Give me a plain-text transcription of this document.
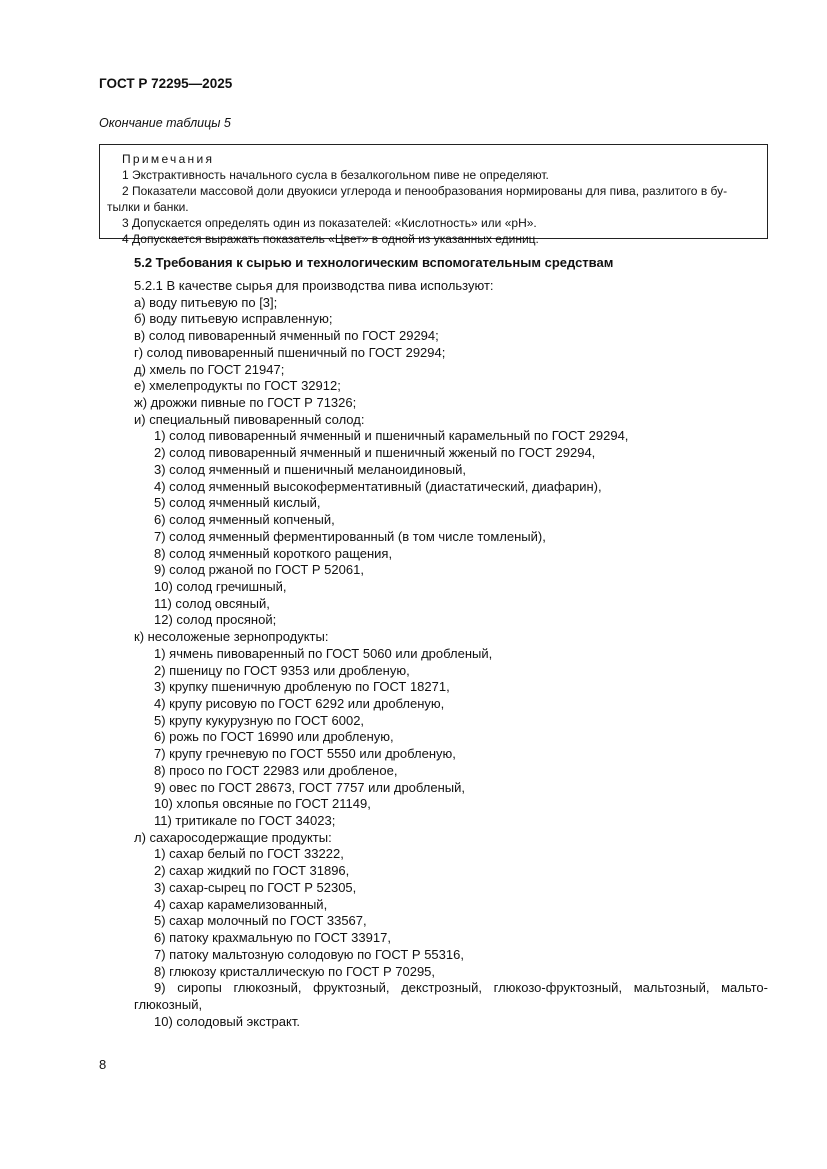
ГОСТ Р 72295—2025
Окончание таблицы 5
Примечания
1 Экстрактивность начального сусла в безалкогольном пиве не определяют.
2 Показатели массовой доли двуокиси углерода и пенообразования нормированы для пива, разлитого в бу-
тылки и банки.
3 Допускается определять один из показателей: «Кислотность» или «pH».
4 Допускается выражать показатель «Цвет» в одной из указанных единиц.
5.2 Требования к сырью и технологическим вспомогательным средствам
5.2.1 В качестве сырья для производства пива используют:
а) воду питьевую по [3];
б) воду питьевую исправленную;
в) солод пивоваренный ячменный по ГОСТ 29294;
г) солод пивоваренный пшеничный по ГОСТ 29294;
д) хмель по ГОСТ 21947;
е) хмелепродукты по ГОСТ 32912;
ж) дрожжи пивные по ГОСТ Р 71326;
и) специальный пивоваренный солод:
1) солод пивоваренный ячменный и пшеничный карамельный по ГОСТ 29294,
2) солод пивоваренный ячменный и пшеничный жженый по ГОСТ 29294,
3) солод ячменный и пшеничный меланоидиновый,
4) солод ячменный высокоферментативный (диастатический, диафарин),
5) солод ячменный кислый,
6) солод ячменный копченый,
7) солод ячменный ферментированный (в том числе томленый),
8) солод ячменный короткого ращения,
9) солод ржаной по ГОСТ Р 52061,
10) солод гречишный,
11) солод овсяный,
12) солод просяной;
к) несоложеные зернопродукты:
1) ячмень пивоваренный по ГОСТ 5060 или дробленый,
2) пшеницу по ГОСТ 9353 или дробленую,
3) крупку пшеничную дробленую по ГОСТ 18271,
4) крупу рисовую по ГОСТ 6292 или дробленую,
5) крупу кукурузную по ГОСТ 6002,
6) рожь по ГОСТ 16990 или дробленую,
7) крупу гречневую по ГОСТ 5550 или дробленую,
8) просо по ГОСТ 22983 или дробленое,
9) овес по ГОСТ 28673, ГОСТ 7757 или дробленый,
10) хлопья овсяные по ГОСТ 21149,
11) тритикале по ГОСТ 34023;
л) сахаросодержащие продукты:
1) сахар белый по ГОСТ 33222,
2) сахар жидкий по ГОСТ 31896,
3) сахар-сырец по ГОСТ Р 52305,
4) сахар карамелизованный,
5) сахар молочный по ГОСТ 33567,
6) патоку крахмальную по ГОСТ 33917,
7) патоку мальтозную солодовую по ГОСТ Р 55316,
8) глюкозу кристаллическую по ГОСТ Р 70295,
9) сиропы глюкозный, фруктозный, декстрозный, глюкозо-фруктозный, мальтозный, мальто-
глюкозный,
10) солодовый экстракт.
8
